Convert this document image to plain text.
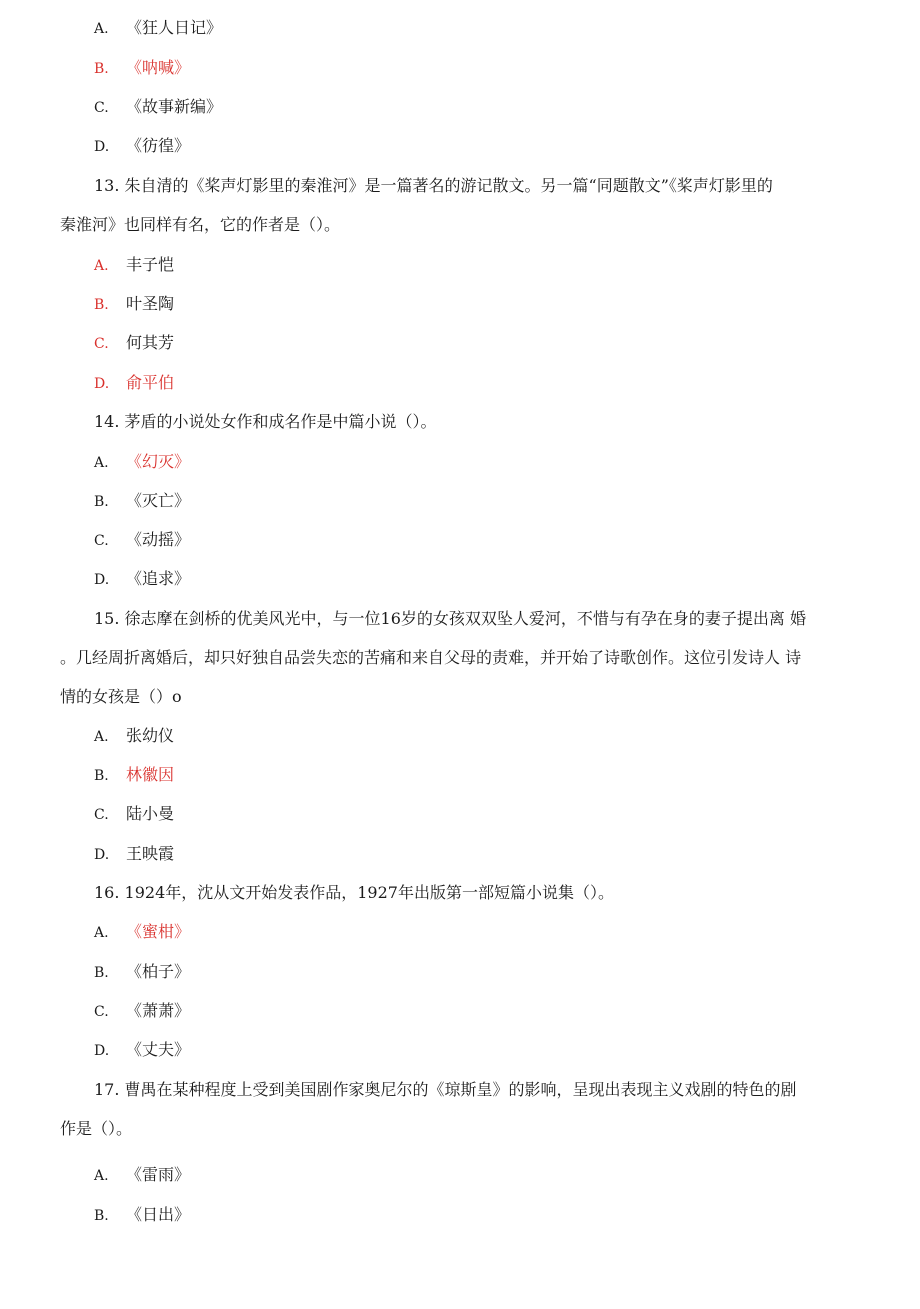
A. 《狂人日记》
B. 《呐喊》
C. 《故事新编》
D. 《彷徨》
13. 朱自清的《桨声灯影里的秦淮河》是一篇著名的游记散文。另一篇“同题散文”《桨声灯影里的
秦淮河》也同样有名，它的作者是（）。
A. 丰子恺
B. 叶圣陶
C. 何其芳
D. 俞平伯
14. 茅盾的小说处女作和成名作是中篇小说（）。
A. 《幻灭》
B. 《灭亡》
C. 《动摇》
D. 《追求》
15. 徐志摩在剑桥的优美风光中，与一位16岁的女孩双双坠人爱河，不惜与有孕在身的妻子提出离 婚
。几经周折离婚后，却只好独自品尝失恋的苦痛和来自父母的责难，并开始了诗歌创作。这位引发诗人 诗
情的女孩是（）o
A. 张幼仪
B. 林徽因
C. 陆小曼
D. 王映霞
16. 1924年，沈从文开始发表作品，1927年出版第一部短篇小说集（）。
A. 《蜜柑》
B. 《柏子》
C. 《萧萧》
D. 《丈夫》
17. 曹禺在某种程度上受到美国剧作家奥尼尔的《琼斯皇》的影响，呈现出表现主义戏剧的特色的剧
作是（）。
A. 《雷雨》
B. 《日出》
